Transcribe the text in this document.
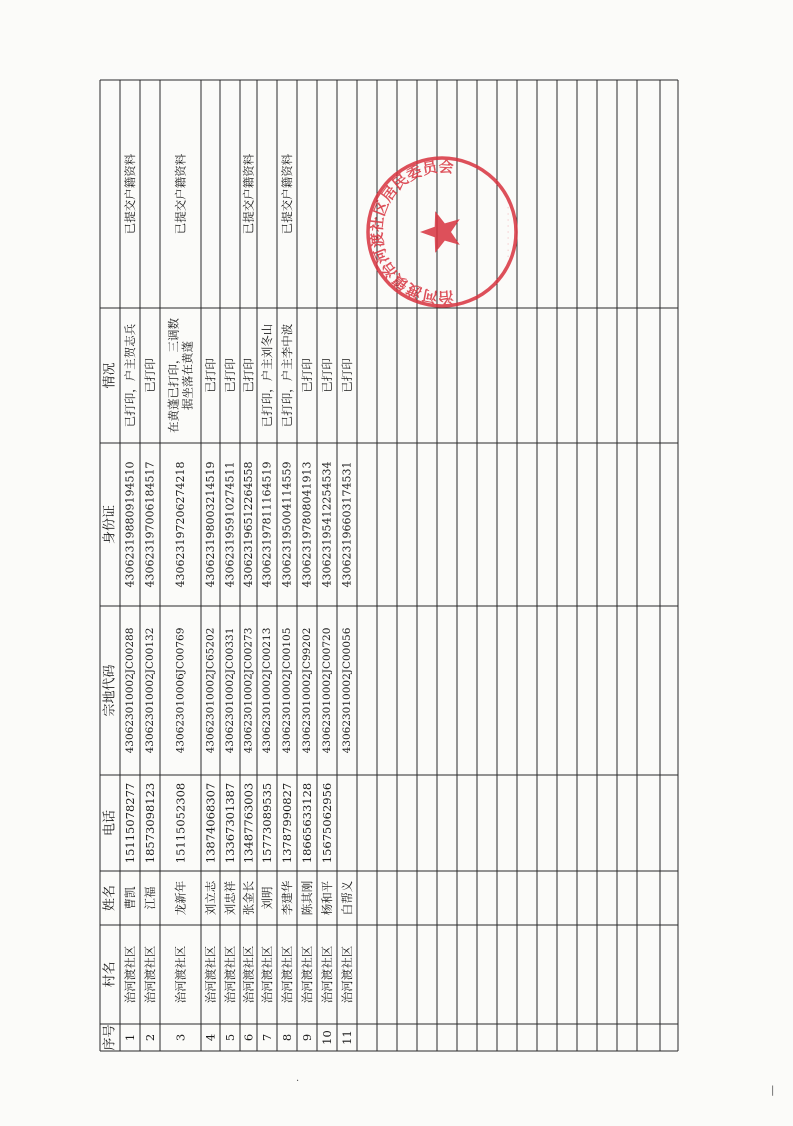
序号
村名
姓名
电话
宗地代码
身份证
情况
1
治河渡社区
曹凯
15115078277
430623010002JC00288
430623198809194510
已打印，户主贺志兵
已提交户籍资料
2
治河渡社区
江福
18573098123
430623010002JC00132
430623197006184517
已打印
3
治河渡社区
龙新年
15115052308
430623010006JC00769
430623197206274218
在黄蓬已打印，三调数据坐落在黄蓬
已提交户籍资料
4
治河渡社区
刘立志
13874068307
430623010002JC65202
430623198003214519
已打印
5
治河渡社区
刘忠祥
13367301387
430623010002JC00331
430623195910274511
已打印
6
治河渡社区
张金长
13487763003
430623010002JC00273
430623196512264558
已打印
已提交户籍资料
7
治河渡社区
刘明
15773089535
430623010002JC00213
430623197811164519
已打印，户主刘冬山
8
治河渡社区
李建华
13787990827
430623010002JC00105
430623195004114559
已打印，户主李中波
已提交户籍资料
9
治河渡社区
陈其刚
18665633128
430623010002JC99202
430623197808041913
已打印
10
治河渡社区
杨和平
15675062956
430623010002JC00720
430623195412254534
已打印
11
治河渡社区
白帮义
430623010002JC00056
430623196603174531
已打印
治河渡镇治河渡社区居民委员会
· · · · · · · · · · ·
·
|
